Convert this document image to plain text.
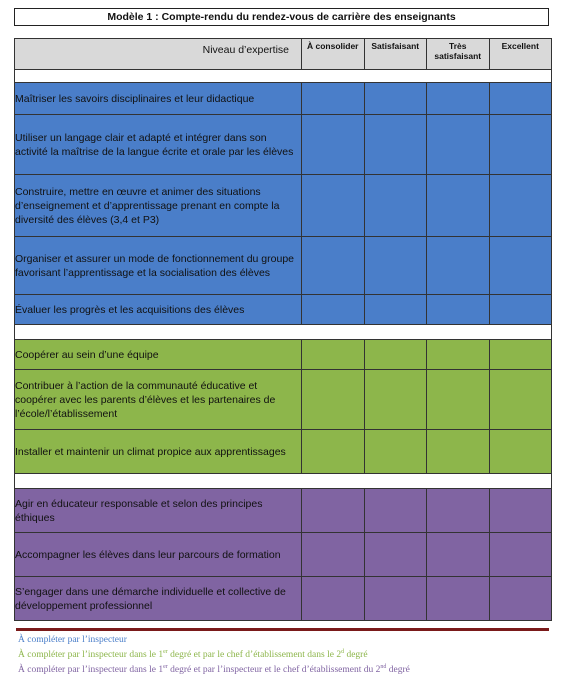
Modèle 1 : Compte-rendu du rendez-vous de carrière des enseignants
Niveau d’expertise	À consolider	Satisfaisant	Très satisfaisant	Excellent

Maîtriser les savoirs disciplinaires et leur didactique				
Utiliser un langage clair et adapté et intégrer dans son activité la maîtrise de la langue écrite et orale par les élèves				
Construire, mettre en œuvre et animer des situations d’enseignement et d’apprentissage prenant en compte la diversité des élèves (3,4 et P3)				
Organiser et assurer un mode de fonctionnement du groupe favorisant l’apprentissage et la socialisation des élèves				
Évaluer les progrès et les acquisitions des élèves				

Coopérer au sein d’une équipe				
Contribuer à l’action de la communauté éducative et coopérer avec les parents d’élèves et les partenaires de l’école/l’établissement				
Installer et maintenir un climat propice aux apprentissages				

Agir en éducateur responsable et selon des principes éthiques				
Accompagner les élèves dans leur parcours de formation				
S’engager dans une démarche individuelle et collective de développement professionnel				
À compléter par l’inspecteur
À compléter par l’inspecteur dans le 1er degré et par le chef d’établissement dans le 2$^d$ degré
À compléter par l’inspecteur dans le 1er degré et par l’inspecteur et le chef d’établissement du 2nd degré
